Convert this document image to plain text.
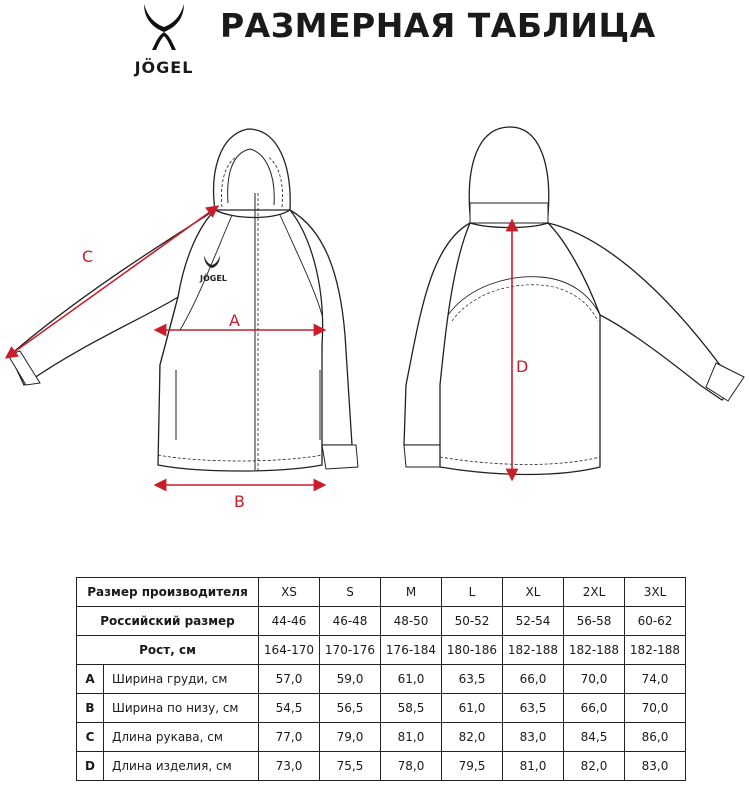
JÖGEL
РАЗМЕРНАЯ ТАБЛИЦА
JÖGEL
A
B
C
D
Размер производителя		XS	S	M	L	XL	2XL	3XL
Российский размер		44-46	46-48	48-50	50-52	52-54	56-58	60-62
Рост, см		164-170	170-176	176-184	180-186	182-188	182-188	182-188
A	Ширина груди, см	57,0	59,0	61,0	63,5	66,0	70,0	74,0
B	Ширина по низу, см	54,5	56,5	58,5	61,0	63,5	66,0	70,0
C	Длина рукава, см	77,0	79,0	81,0	82,0	83,0	84,5	86,0
D	Длина изделия, см	73,0	75,5	78,0	79,5	81,0	82,0	83,0
